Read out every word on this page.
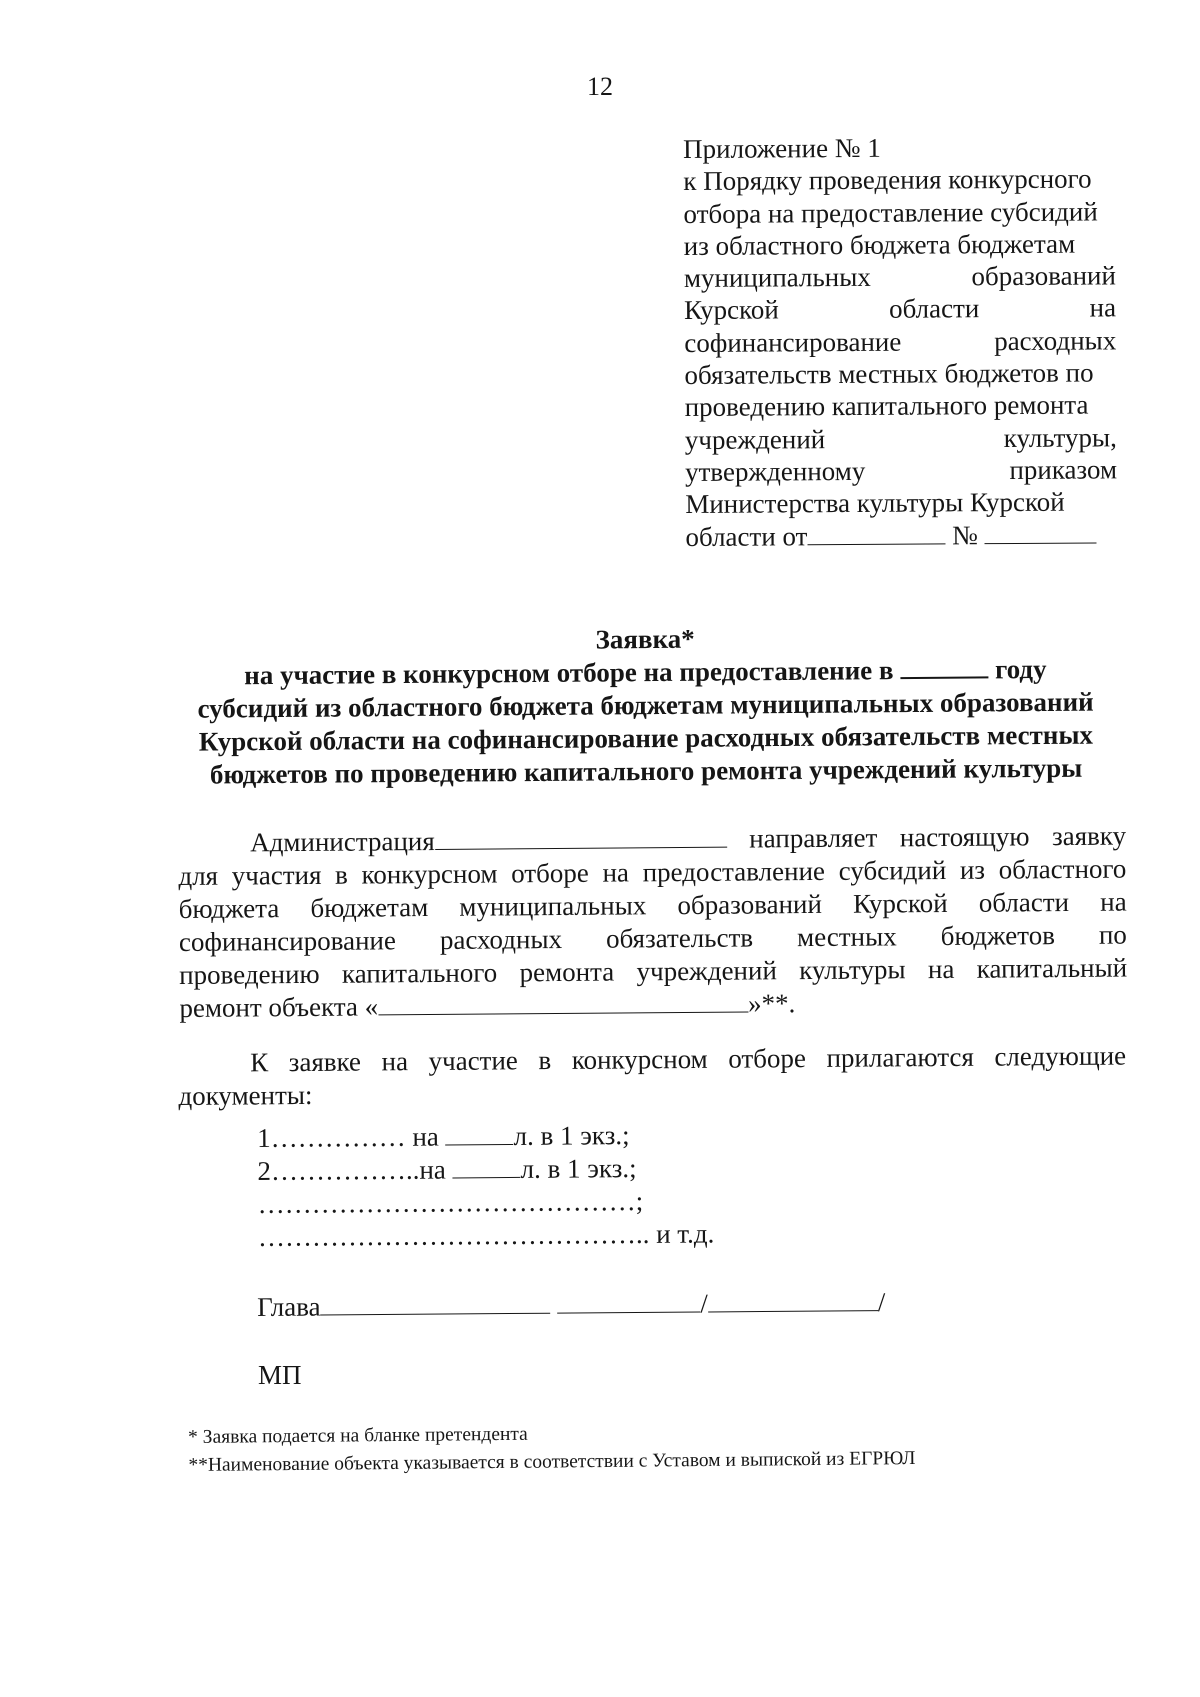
12
Приложение № 1
к Порядку проведения конкурсного
отбора на предоставление субсидий
из областного бюджета бюджетам
муниципальных образований
Курской области на
софинансирование расходных
обязательств местных бюджетов по
проведению капитального ремонта
учреждений культуры,
утвержденному приказом
Министерства культуры Курской
области от	№
Заявка*
на участие в конкурсном отборе на предоставление в	году
субсидий из областного бюджета бюджетам муниципальных образований
Курской области на софинансирование расходных обязательств местных
бюджетов по проведению капитального ремонта учреждений культуры
Администрация	направляет настоящую заявку
для участия в конкурсном отборе на предоставление субсидий из областного
бюджета бюджетам муниципальных образований Курской области на
софинансирование расходных обязательств местных бюджетов по
проведению капитального ремонта учреждений культуры на капитальный
ремонт объекта «	»**.
К заявке на участие в конкурсном отборе прилагаются следующие
документы:
1…………… на	л. в 1 экз.;
2……………..на	л. в 1 экз.;
……………………………………;
…………………………………….. и т.д.
Глава	/	/
МП
* Заявка подается на бланке претендента
**Наименование объекта указывается в соответствии с Уставом и выпиской из ЕГРЮЛ
